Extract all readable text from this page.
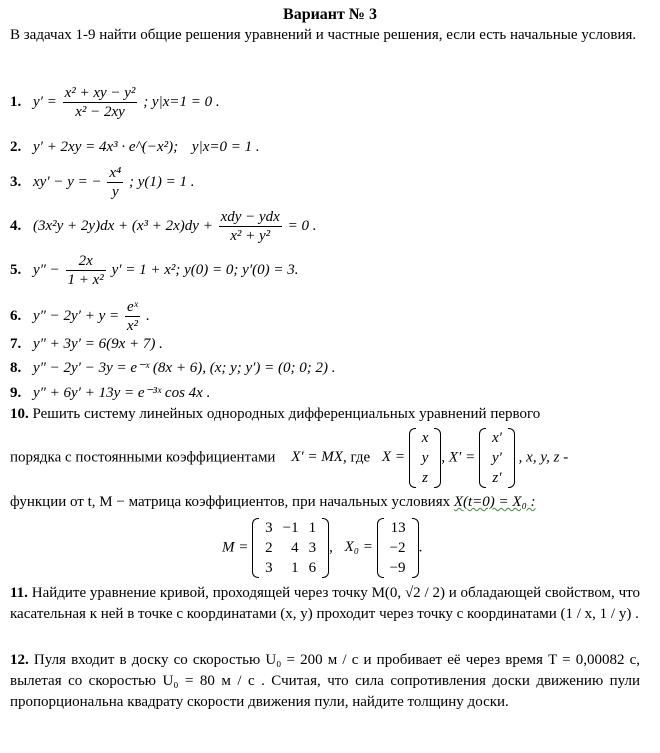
Вариант № 3
В задачах 1-9 найти общие решения уравнений и частные решения, если есть начальные условия.
1. $y' = \frac{\text{x² + xy − y²}}{\text{x² − 2xy}}$ ; y|x=1 = 0 .
2. y′ + 2xy = 4x³ · e^(−x²); y|x=0 = 1 .
3. xy′ − y = − $\frac{\text{x⁴}}{y}$ ; y(1) = 1 .
4. $(3x^2y + 2y)dx + (x^3 + 2x)dy + \frac{\text{xdy − ydx}}{\text{x² + y²}} = 0$ .
5. $y'' - \frac{2x}{\text{1 + x²}} y' = 1 + x^2$; y(0) = 0; y′(0) = 3.
6. $y'' - 2y' + y = \frac{\text{eˣ}}{\text{x²}}$ .
7. y″ + 3y′ = 6(9x + 7) .
8. y″ − 2y′ − 3y = e⁻ˣ (8x + 6), (x; y; y′) = (0; 0; 2) .
9. y″ + 6y′ + 13y = e⁻³ˣ cos 4x .
10. Решить систему линейных однородных дифференциальных уравнений первого
порядка с постоянными коэффициентами X′ = MX, где X =
x
y
z
, X′ =
x′
y′
z′
, x, y, z -
функции от t, M − матрица коэффициентов, при начальных условиях X(t=0) = X₀ :
M =
3	−1	1
2	4	3
3	1	6
, X₀ =
13
−2
−9
.
11. Найдите уравнение кривой, проходящей через точку M(0, √2 / 2) и обладающей свойством, что касательная к ней в точке с координатами (x, y) проходит через точку с координатами (1 / x, 1 / y) .
12. Пуля входит в доску со скоростью U₀ = 200 м / с и пробивает её через время T = 0,00082 с, вылетая со скоростью U₀ = 80 м / с . Считая, что сила сопротивления доски движению пули пропорциональна квадрату скорости движения пули, найдите толщину доски.
